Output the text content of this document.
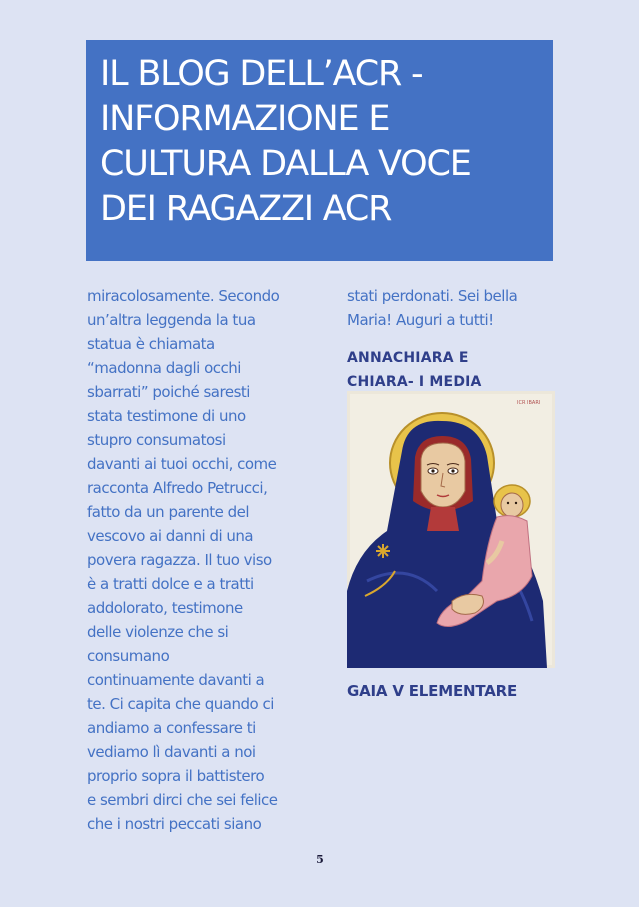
IL BLOG DELL’ACR -
INFORMAZIONE E
CULTURA DALLA VOCE
DEI RAGAZZI ACR

miracolosamente. Secondo
un’altra leggenda la tua
statua è chiamata
“madonna dagli occhi
sbarrati” poiché saresti
stata testimone di uno
stupro consumatosi
davanti ai tuoi occhi, come
racconta Alfredo Petrucci,
fatto da un parente del
vescovo ai danni di una
povera ragazza. Il tuo viso
è a tratti dolce e a tratti
addolorato, testimone
delle violenze che si
consumano
continuamente davanti a
te. Ci capita che quando ci
andiamo a confessare ti
vediamo lì davanti a noi
proprio sopra il battistero
e sembri dirci che sei felice
che i nostri peccati siano

stati perdonati. Sei bella
Maria! Auguri a tutti!

ANNACHIARA E
CHIARA- I MEDIA

ICR IBARI

GAIA V ELEMENTARE

5
